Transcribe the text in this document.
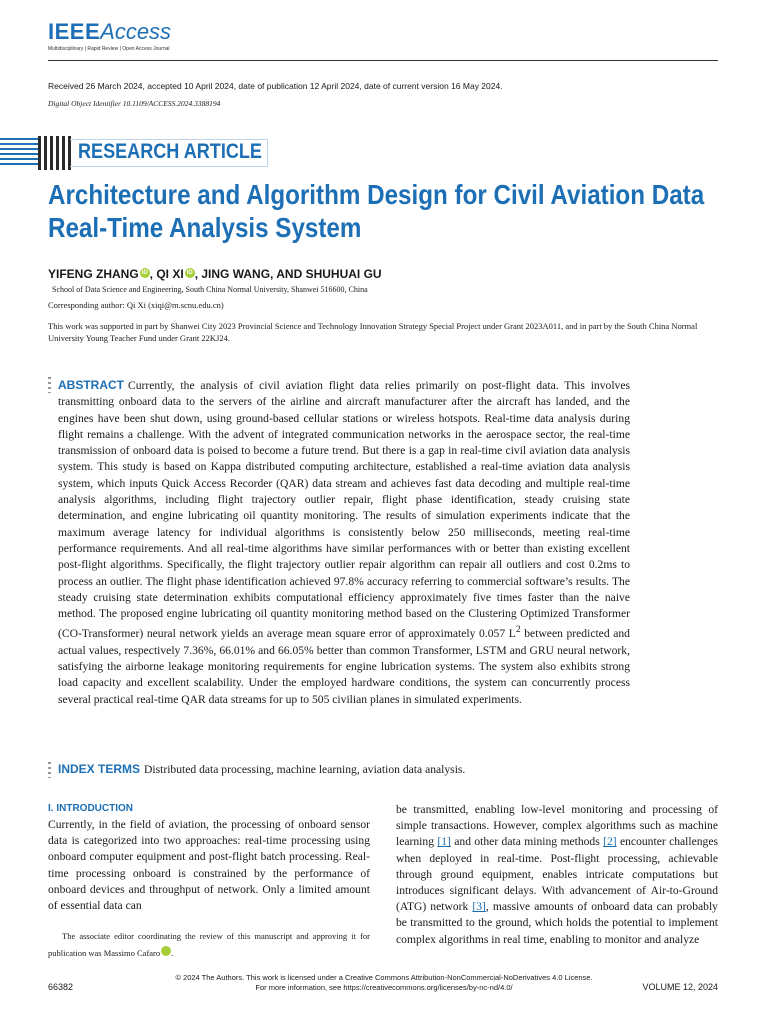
IEEEAccess
Multidisciplinary | Rapid Review | Open Access Journal
Received 26 March 2024, accepted 10 April 2024, date of publication 12 April 2024, date of current version 16 May 2024.
Digital Object Identifier 10.1109/ACCESS.2024.3388194
RESEARCH ARTICLE
Architecture and Algorithm Design for Civil Aviation Data Real-Time Analysis System
YIFENG ZHANG iD , QI XI iD , JING WANG, AND SHUHUAI GU
School of Data Science and Engineering, South China Normal University, Shanwei 516600, China
Corresponding author: Qi Xi (xiqi@m.scnu.edu.cn)
This work was supported in part by Shanwei City 2023 Provincial Science and Technology Innovation Strategy Special Project under Grant 2023A011, and in part by the South China Normal University Young Teacher Fund under Grant 22KJ24.
ABSTRACT Currently, the analysis of civil aviation flight data relies primarily on post-flight data. This involves transmitting onboard data to the servers of the airline and aircraft manufacturer after the aircraft has landed, and the engines have been shut down, using ground-based cellular stations or wireless hotspots. Real-time data analysis during flight remains a challenge. With the advent of integrated communication networks in the aerospace sector, the real-time transmission of onboard data is poised to become a future trend. But there is a gap in real-time civil aviation data analysis system. This study is based on Kappa distributed computing architecture, established a real-time aviation data analysis system, which inputs Quick Access Recorder (QAR) data stream and achieves fast data decoding and multiple real-time analysis algorithms, including flight trajectory outlier repair, flight phase identification, steady cruising state determination, and engine lubricating oil quantity monitoring. The results of simulation experiments indicate that the maximum average latency for individual algorithms is consistently below 250 milliseconds, meeting real-time performance requirements. And all real-time algorithms have similar performances with or better than existing excellent post-flight algorithms. Specifically, the flight trajectory outlier repair algorithm can repair all outliers and cost 0.2ms to process an outlier. The flight phase identification achieved 97.8% accuracy referring to commercial software’s results. The steady cruising state determination exhibits computational efficiency approximately five times faster than the naive method. The proposed engine lubricating oil quantity monitoring method based on the Clustering Optimized Transformer (CO-Transformer) neural network yields an average mean square error of approximately 0.057 $L^2$ between predicted and actual values, respectively 7.36%, 66.01% and 66.05% better than common Transformer, LSTM and GRU neural network, satisfying the airborne leakage monitoring requirements for engine lubrication systems. The system also exhibits strong load capacity and excellent scalability. Under the employed hardware conditions, the system can concurrently process several practical real-time QAR data streams for up to 505 civilian planes in simulated experiments.
INDEX TERMS Distributed data processing, machine learning, aviation data analysis.
I. INTRODUCTION
Currently, in the field of aviation, the processing of onboard sensor data is categorized into two approaches: real-time processing using onboard computer equipment and post-flight batch processing. Real-time processing onboard is constrained by the performance of onboard devices and throughput of network. Only a limited amount of essential data can
be transmitted, enabling low-level monitoring and processing of simple transactions. However, complex algorithms such as machine learning [1] and other data mining methods [2] encounter challenges when deployed in real-time. Post-flight processing, achievable through ground equipment, enables intricate computations but introduces significant delays. With advancement of Air-to-Ground (ATG) network [3], massive amounts of onboard data can probably be transmitted to the ground, which holds the potential to implement complex algorithms in real time, enabling to monitor and analyze
The associate editor coordinating the review of this manuscript and approving it for publication was Massimo Cafaro	iD.
© 2024 The Authors. This work is licensed under a Creative Commons Attribution-NonCommercial-NoDerivatives 4.0 License.
For more information, see https://creativecommons.org/licenses/by-nc-nd/4.0/
66382	VOLUME 12, 2024
